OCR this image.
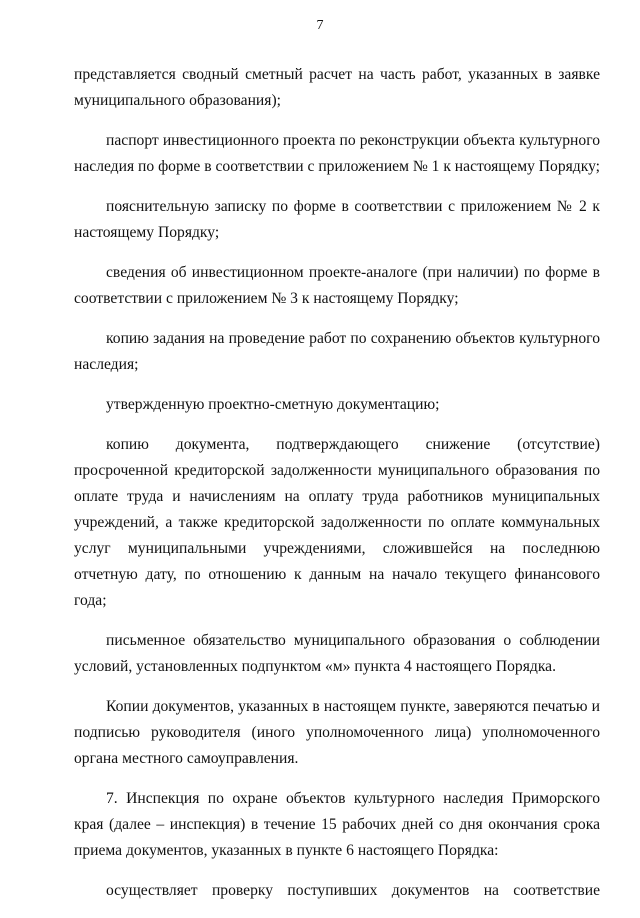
7

представляется сводный сметный расчет на часть работ, указанных в заявке муниципального образования);

паспорт инвестиционного проекта по реконструкции объекта культурного наследия по форме в соответствии с приложением № 1 к настоящему Порядку;

пояснительную записку по форме в соответствии с приложением № 2 к настоящему Порядку;

сведения об инвестиционном проекте-аналоге (при наличии) по форме в соответствии с приложением № 3 к настоящему Порядку;

копию задания на проведение работ по сохранению объектов культурного наследия;

утвержденную проектно-сметную документацию;

копию документа, подтверждающего снижение (отсутствие) просроченной кредиторской задолженности муниципального образования по оплате труда и начислениям на оплату труда работников муниципальных учреждений, а также кредиторской задолженности по оплате коммунальных услуг муниципальными учреждениями, сложившейся на последнюю отчетную дату, по отношению к данным на начало текущего финансового года;

письменное обязательство муниципального образования о соблюдении условий, установленных подпунктом «м» пункта 4 настоящего Порядка.

Копии документов, указанных в настоящем пункте, заверяются печатью и подписью руководителя (иного уполномоченного лица) уполномоченного органа местного самоуправления.

7. Инспекция по охране объектов культурного наследия Приморского края (далее – инспекция) в течение 15 рабочих дней со дня окончания срока приема документов, указанных в пункте 6 настоящего Порядка:

осуществляет проверку поступивших документов на соответствие
